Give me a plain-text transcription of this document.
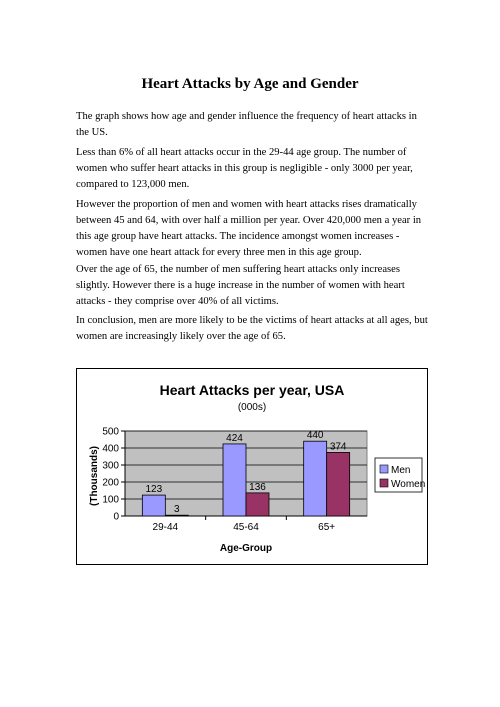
Heart Attacks by Age and Gender

The graph shows how age and gender influence the frequency of heart attacks in the US.

Less than 6% of all heart attacks occur in the 29-44 age group. The number of women who suffer heart attacks in this group is negligible - only 3000 per year, compared to 123,000 men.

However the proportion of men and women with heart attacks rises dramatically between 45 and 64, with over half a million per year. Over 420,000 men a year in this age group have heart attacks. The incidence amongst women increases - women have one heart attack for every three men in this age group.

Over the age of 65, the number of men suffering heart attacks only increases slightly. However there is a huge increase in the number of women with heart attacks - they comprise over 40% of all victims.

In conclusion, men are more likely to be the victims of heart attacks at all ages, but women are increasingly likely over the age of 65.

Heart Attacks per year, USA
(000s)
0
100
200
300
400
500
123
3
29-44
424
136
45-64
440
374
65+
(Thousands)
Age-Group
Men
Women
